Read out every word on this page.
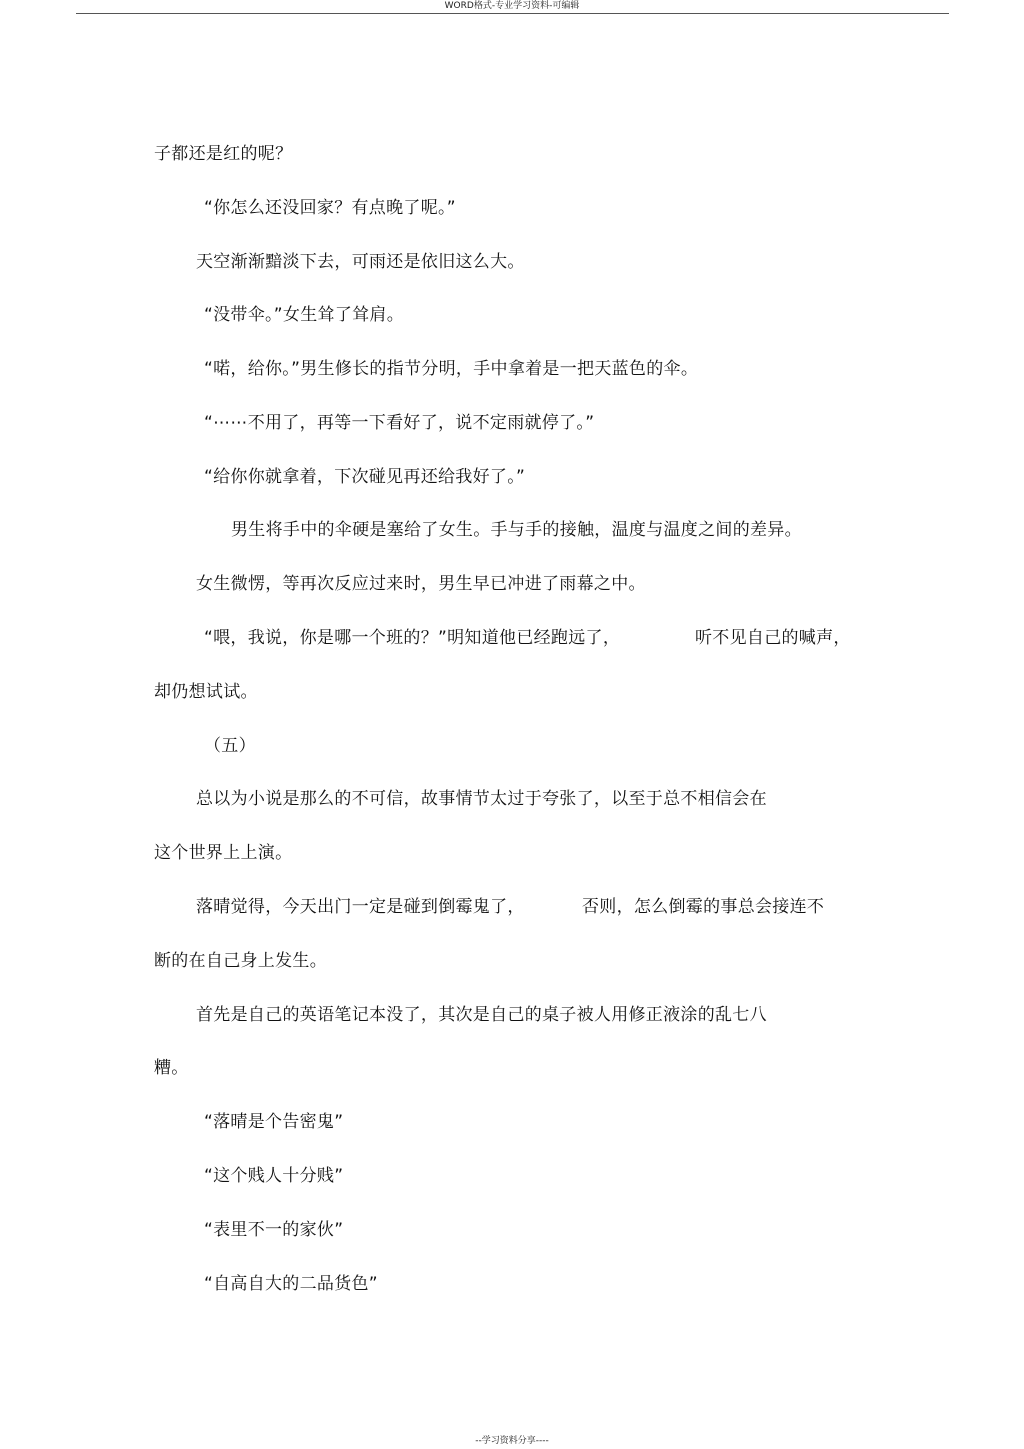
WORD格式-专业学习资料-可编辑
子都还是红的呢？
“你怎么还没回家？有点晚了呢。”
天空渐渐黯淡下去，可雨还是依旧这么大。
“没带伞。”女生耸了耸肩。
“喏，给你。”男生修长的指节分明，手中拿着是一把天蓝色的伞。
“⋯⋯不用了，再等一下看好了，说不定雨就停了。”
“给你你就拿着，下次碰见再还给我好了。”
男生将手中的伞硬是塞给了女生。手与手的接触，温度与温度之间的差异。
女生微愣，等再次反应过来时，男生早已冲进了雨幕之中。
“喂，我说，你是哪一个班的？”明知道他已经跑远了，	听不见自己的喊声，
却仍想试试。
（五）
总以为小说是那么的不可信，故事情节太过于夸张了，以至于总不相信会在
这个世界上上演。
落晴觉得，今天出门一定是碰到倒霉鬼了，	否则，怎么倒霉的事总会接连不
断的在自己身上发生。
首先是自己的英语笔记本没了，其次是自己的桌子被人用修正液涂的乱七八
糟。
“落晴是个告密鬼”
“这个贱人十分贱”
“表里不一的家伙”
“自高自大的二品货色”
--学习资料分享----
